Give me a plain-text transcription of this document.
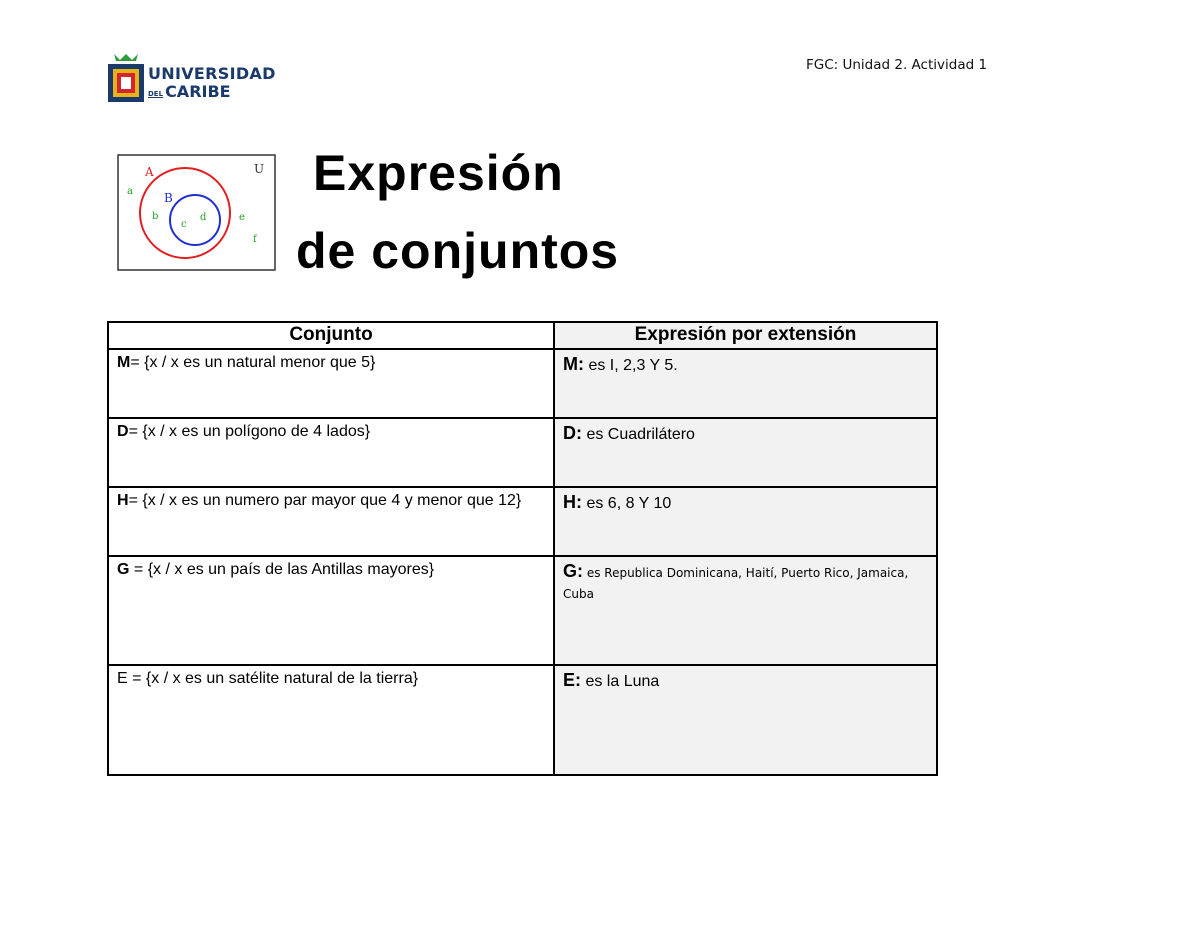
UNIVERSIDAD
DEL CARIBE
FGC: Unidad 2. Actividad 1
U
A
B
a
b
c
d	e
f
Expresión
de conjuntos
Conjunto	Expresión por extensión
M= {x / x es un natural menor que 5}	M: es I, 2,3 Y 5.
D= {x / x es un polígono de 4 lados}	D: es Cuadrilátero
H= {x / x es un numero par mayor que 4 y menor que 12}	H: es 6, 8 Y 10
G = {x / x es un país de las Antillas mayores}	G: es Republica Dominicana, Haití, Puerto Rico, Jamaica,
Cuba
E = {x / x es un satélite natural de la tierra}	E: es la Luna
